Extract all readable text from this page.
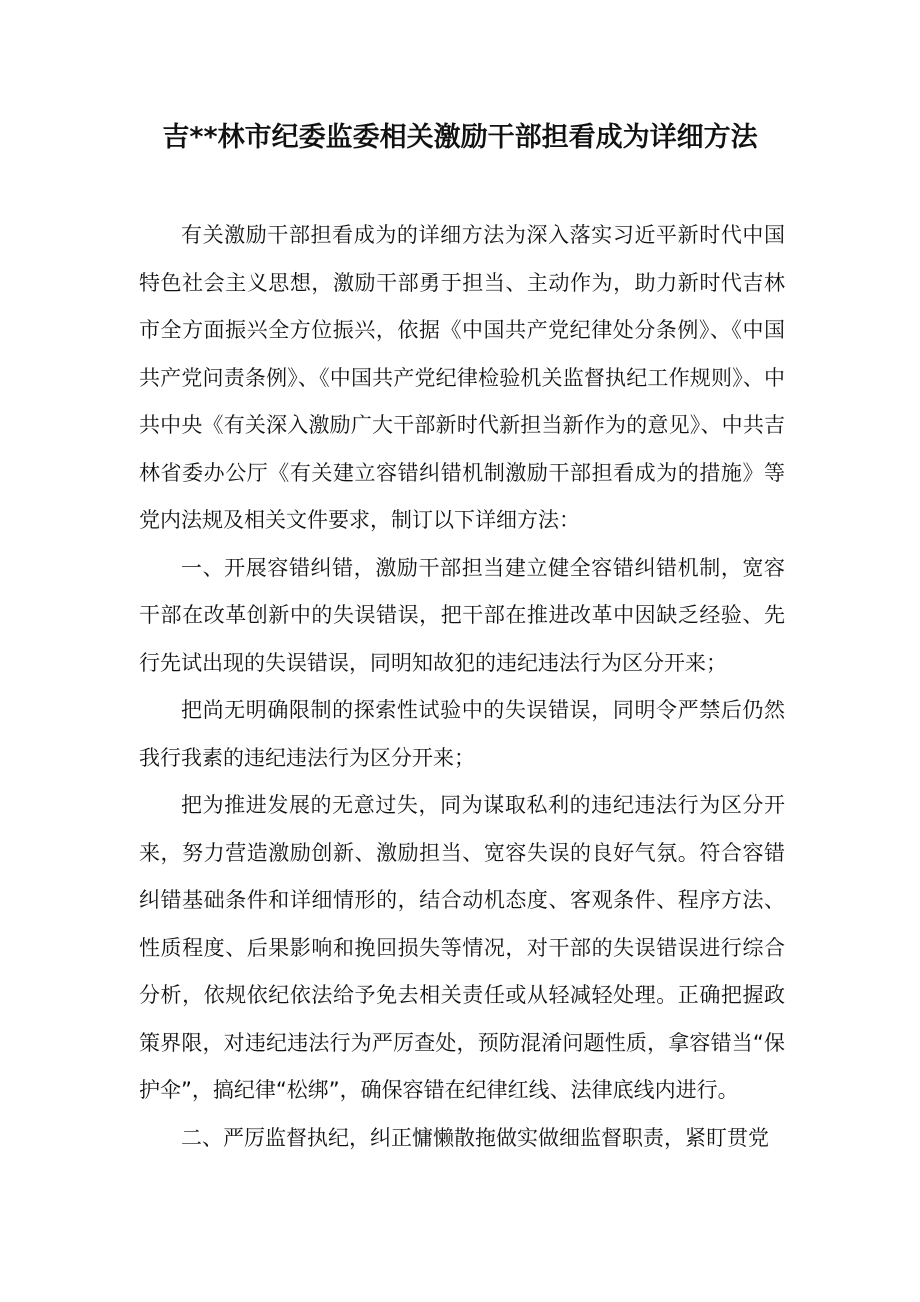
吉**林市纪委监委相关激励干部担看成为详细方法

有关激励干部担看成为的详细方法为深入落实习近平新时代中国特色社会主义思想，激励干部勇于担当、主动作为，助力新时代吉林市全方面振兴全方位振兴，依据《中国共产党纪律处分条例》、《中国共产党问责条例》、《中国共产党纪律检验机关监督执纪工作规则》、中共中央《有关深入激励广大干部新时代新担当新作为的意见》、中共吉林省委办公厅《有关建立容错纠错机制激励干部担看成为的措施》等党内法规及相关文件要求，制订以下详细方法：

一、开展容错纠错，激励干部担当建立健全容错纠错机制，宽容干部在改革创新中的失误错误，把干部在推进改革中因缺乏经验、先行先试出现的失误错误，同明知故犯的违纪违法行为区分开来；

把尚无明确限制的探索性试验中的失误错误，同明令严禁后仍然我行我素的违纪违法行为区分开来；

把为推进发展的无意过失，同为谋取私利的违纪违法行为区分开来，努力营造激励创新、激励担当、宽容失误的良好气氛。符合容错纠错基础条件和详细情形的，结合动机态度、客观条件、程序方法、性质程度、后果影响和挽回损失等情况，对干部的失误错误进行综合分析，依规依纪依法给予免去相关责任或从轻减轻处理。正确把握政策界限，对违纪违法行为严厉查处，预防混淆问题性质，拿容错当“保护伞”，搞纪律“松绑”，确保容错在纪律红线、法律底线内进行。

二、严厉监督执纪，纠正慵懒散拖做实做细监督职责，紧盯贯党
